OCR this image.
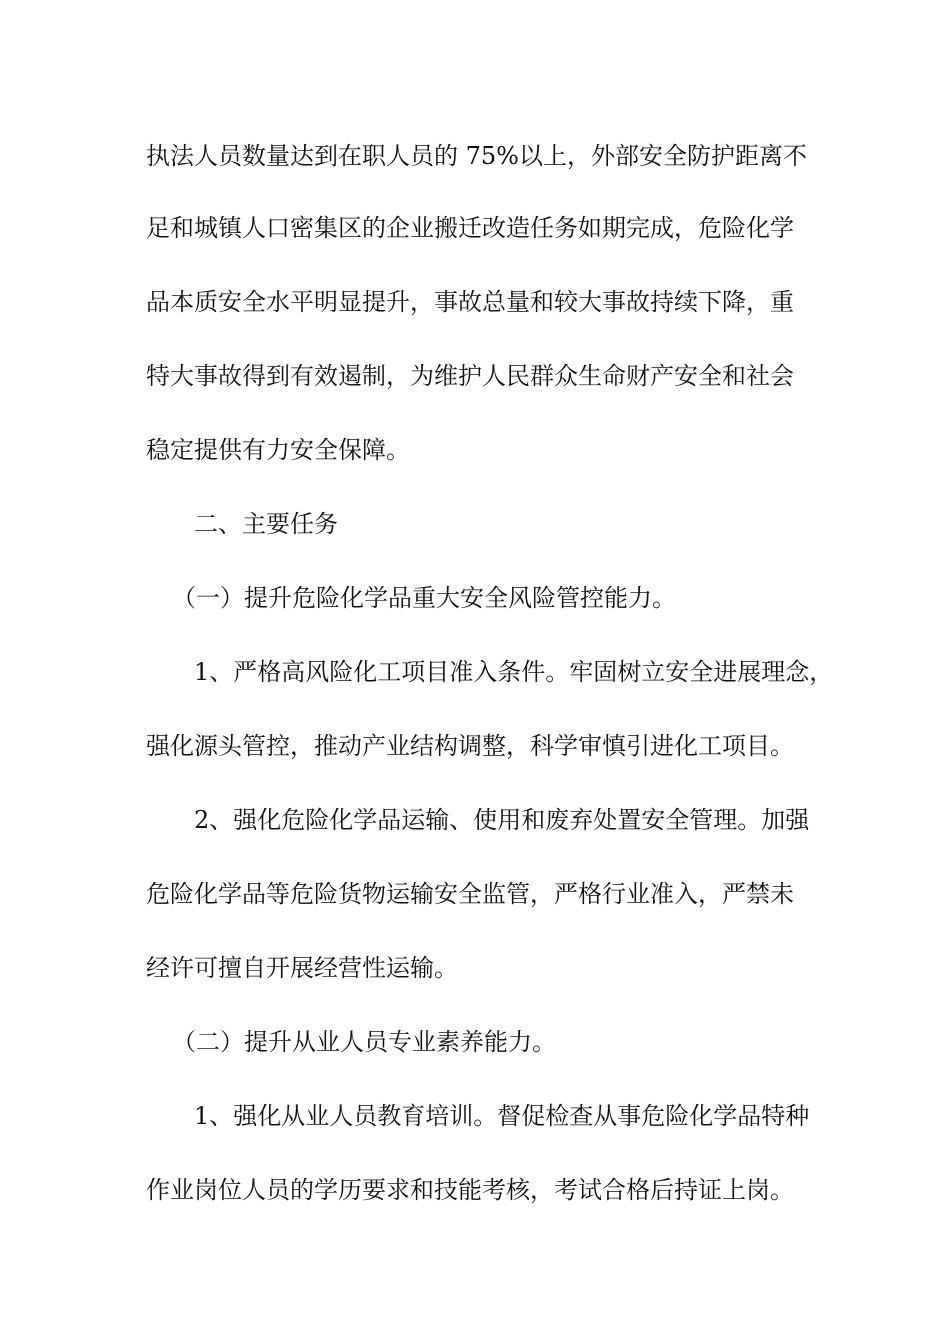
执法人员数量达到在职人员的 75%以上，外部安全防护距离不

足和城镇人口密集区的企业搬迁改造任务如期完成，危险化学

品本质安全水平明显提升，事故总量和较大事故持续下降，重

特大事故得到有效遏制，为维护人民群众生命财产安全和社会

稳定提供有力安全保障。

二、主要任务

（一）提升危险化学品重大安全风险管控能力。

1、严格高风险化工项目准入条件。牢固树立安全进展理念，

强化源头管控，推动产业结构调整，科学审慎引进化工项目。

2、强化危险化学品运输、使用和废弃处置安全管理。加强

危险化学品等危险货物运输安全监管，严格行业准入，严禁未

经许可擅自开展经营性运输。

（二）提升从业人员专业素养能力。

1、强化从业人员教育培训。督促检查从事危险化学品特种

作业岗位人员的学历要求和技能考核，考试合格后持证上岗。
